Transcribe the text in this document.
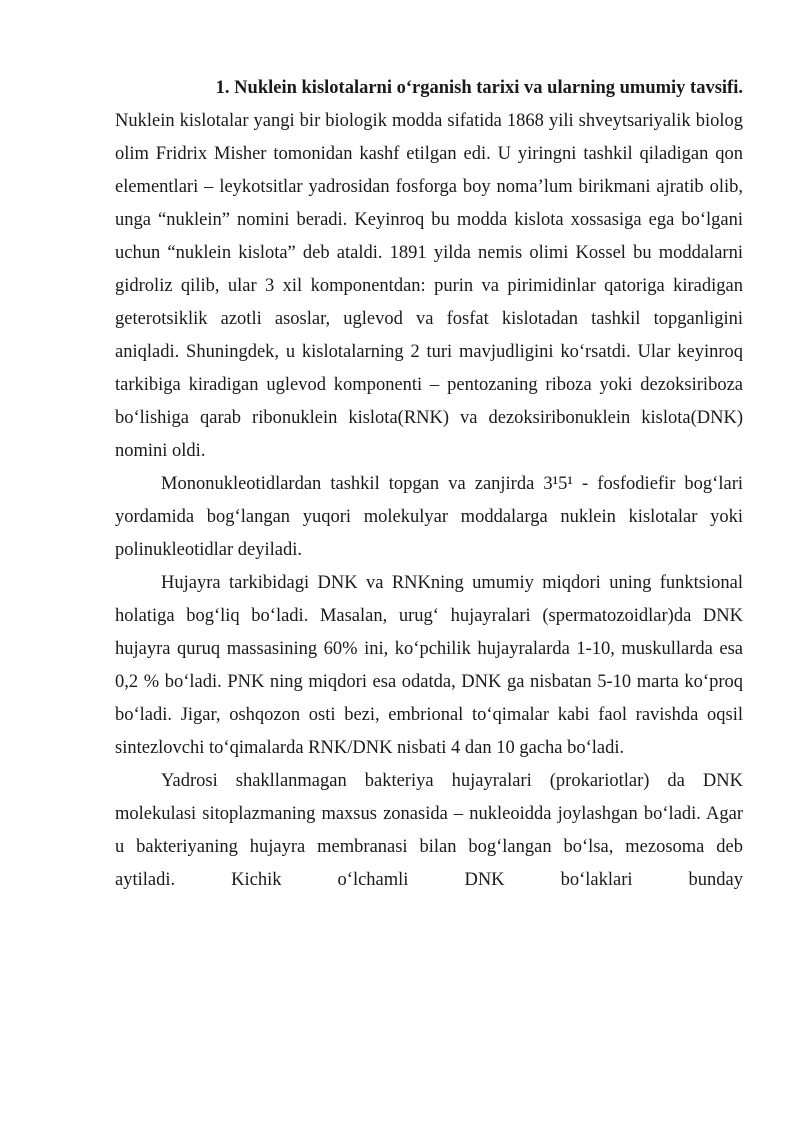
1. Nuklein kislotalarni o‘rganish tarixi va ularning umumiy tavsifi.

Nuklein kislotalar yangi bir biologik modda sifatida 1868 yili shveytsariyalik biolog olim Fridrix Misher tomonidan kashf etilgan edi. U yiringni tashkil qiladigan qon elementlari – leykotsitlar yadrosidan fosforga boy noma’lum birikmani ajratib olib, unga “nuklein” nomini beradi. Keyinroq bu modda kislota xossasiga ega bo‘lgani uchun “nuklein kislota” deb ataldi. 1891 yilda nemis olimi Kossel bu moddalarni gidroliz qilib, ular 3 xil komponentdan: purin va pirimidinlar qatoriga kiradigan geterotsiklik azotli asoslar, uglevod va fosfat kislotadan tashkil topganligini aniqladi. Shuningdek, u kislotalarning 2 turi mavjudligini ko‘rsatdi. Ular keyinroq tarkibiga kiradigan uglevod komponenti – pentozaning riboza yoki dezoksiriboza bo‘lishiga qarab ribonuklein kislota(RNK) va dezoksiribonuklein kislota(DNK) nomini oldi.

Mononukleotidlardan tashkil topgan va zanjirda 3¹5¹ - fosfodiefir bog‘lari yordamida bog‘langan yuqori molekulyar moddalarga nuklein kislotalar yoki polinukleotidlar deyiladi.

Hujayra tarkibidagi DNK va RNKning umumiy miqdori uning funktsional holatiga bog‘liq bo‘ladi. Masalan, urug‘ hujayralari (spermatozoidlar)da DNK hujayra quruq massasining 60% ini, ko‘pchilik hujayralarda 1-10, muskullarda esa 0,2 % bo‘ladi. PNK ning miqdori esa odatda, DNK ga nisbatan 5-10 marta ko‘proq bo‘ladi. Jigar, oshqozon osti bezi, embrional to‘qimalar kabi faol ravishda oqsil sintezlovchi to‘qimalarda RNK/DNK nisbati 4 dan 10 gacha bo‘ladi.

Yadrosi shakllanmagan bakteriya hujayralari (prokariotlar) da DNK molekulasi sitoplazmaning maxsus zonasida – nukleoidda joylashgan bo‘ladi. Agar u bakteriyaning hujayra membranasi bilan bog‘langan bo‘lsa, mezosoma deb aytiladi. Kichik o‘lchamli DNK bo‘laklari bunday
